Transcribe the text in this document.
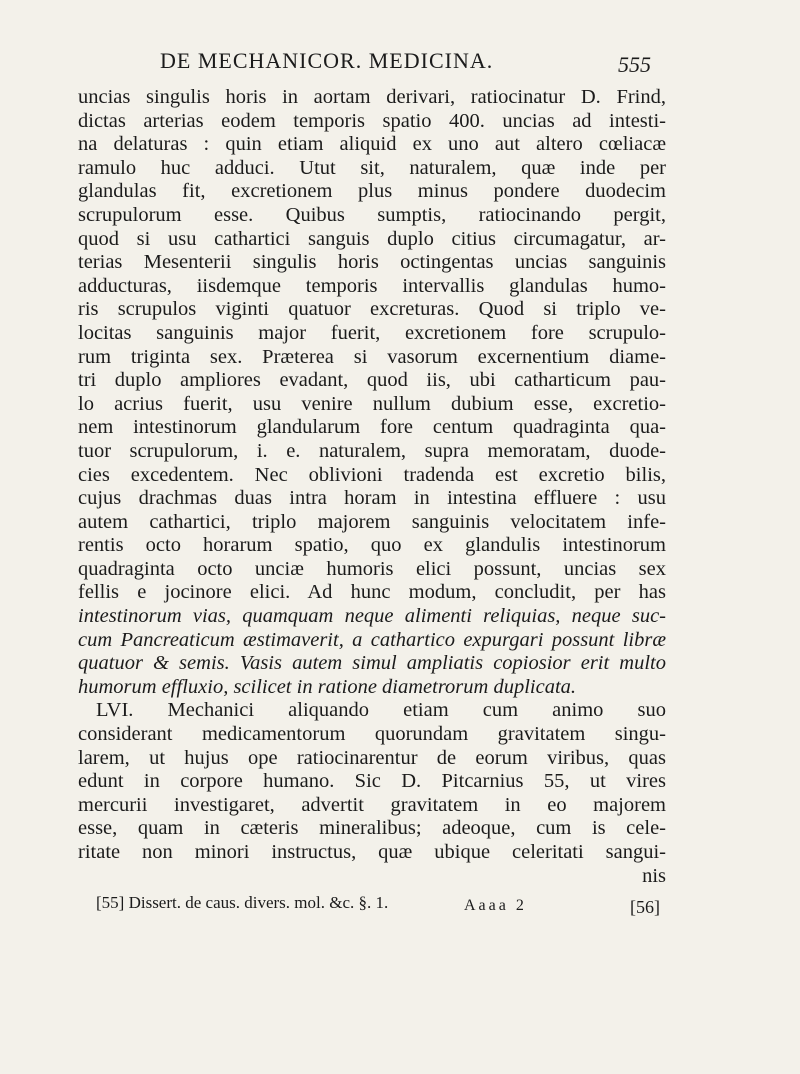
DE MECHANICOR. MEDICINA.	555
uncias singulis horis in aortam derivari, ratiocinatur D. Frind,
dictas arterias eodem temporis spatio 400. uncias ad intesti-
na delaturas : quin etiam aliquid ex uno aut altero cœliacæ
ramulo huc adduci. Utut sit, naturalem, quæ inde per
glandulas fit, excretionem plus minus pondere duodecim
scrupulorum esse. Quibus sumptis, ratiocinando pergit,
quod si usu cathartici sanguis duplo citius circumagatur, ar-
terias Mesenterii singulis horis octingentas uncias sanguinis
adducturas, iisdemque temporis intervallis glandulas humo-
ris scrupulos viginti quatuor excreturas. Quod si triplo ve-
locitas sanguinis major fuerit, excretionem fore scrupulo-
rum triginta sex. Præterea si vasorum excernentium diame-
tri duplo ampliores evadant, quod iis, ubi catharticum pau-
lo acrius fuerit, usu venire nullum dubium esse, excretio-
nem intestinorum glandularum fore centum quadraginta qua-
tuor scrupulorum, i. e. naturalem, supra memoratam, duode-
cies excedentem. Nec oblivioni tradenda est excretio bilis,
cujus drachmas duas intra horam in intestina effluere : usu
autem cathartici, triplo majorem sanguinis velocitatem infe-
rentis octo horarum spatio, quo ex glandulis intestinorum
quadraginta octo unciæ humoris elici possunt, uncias sex
fellis e jocinore elici. Ad hunc modum, concludit, per has
intestinorum vias, quamquam neque alimenti reliquias, neque suc-
cum Pancreaticum æstimaverit, a cathartico expurgari possunt libræ
quatuor & semis. Vasis autem simul ampliatis copiosior erit multo
humorum effluxio, scilicet in ratione diametrorum duplicata.
LVI. Mechanici aliquando etiam cum animo suo
considerant medicamentorum quorundam gravitatem singu-
larem, ut hujus ope ratiocinarentur de eorum viribus, quas
edunt in corpore humano. Sic D. Pitcarnius 55, ut vires
mercurii investigaret, advertit gravitatem in eo majorem
esse, quam in cæteris mineralibus; adeoque, cum is cele-
ritate non minori instructus, quæ ubique celeritati sangui-
nis
[55] Dissert. de caus. divers. mol. &c. §. 1.	Aaaa 2	[56]
